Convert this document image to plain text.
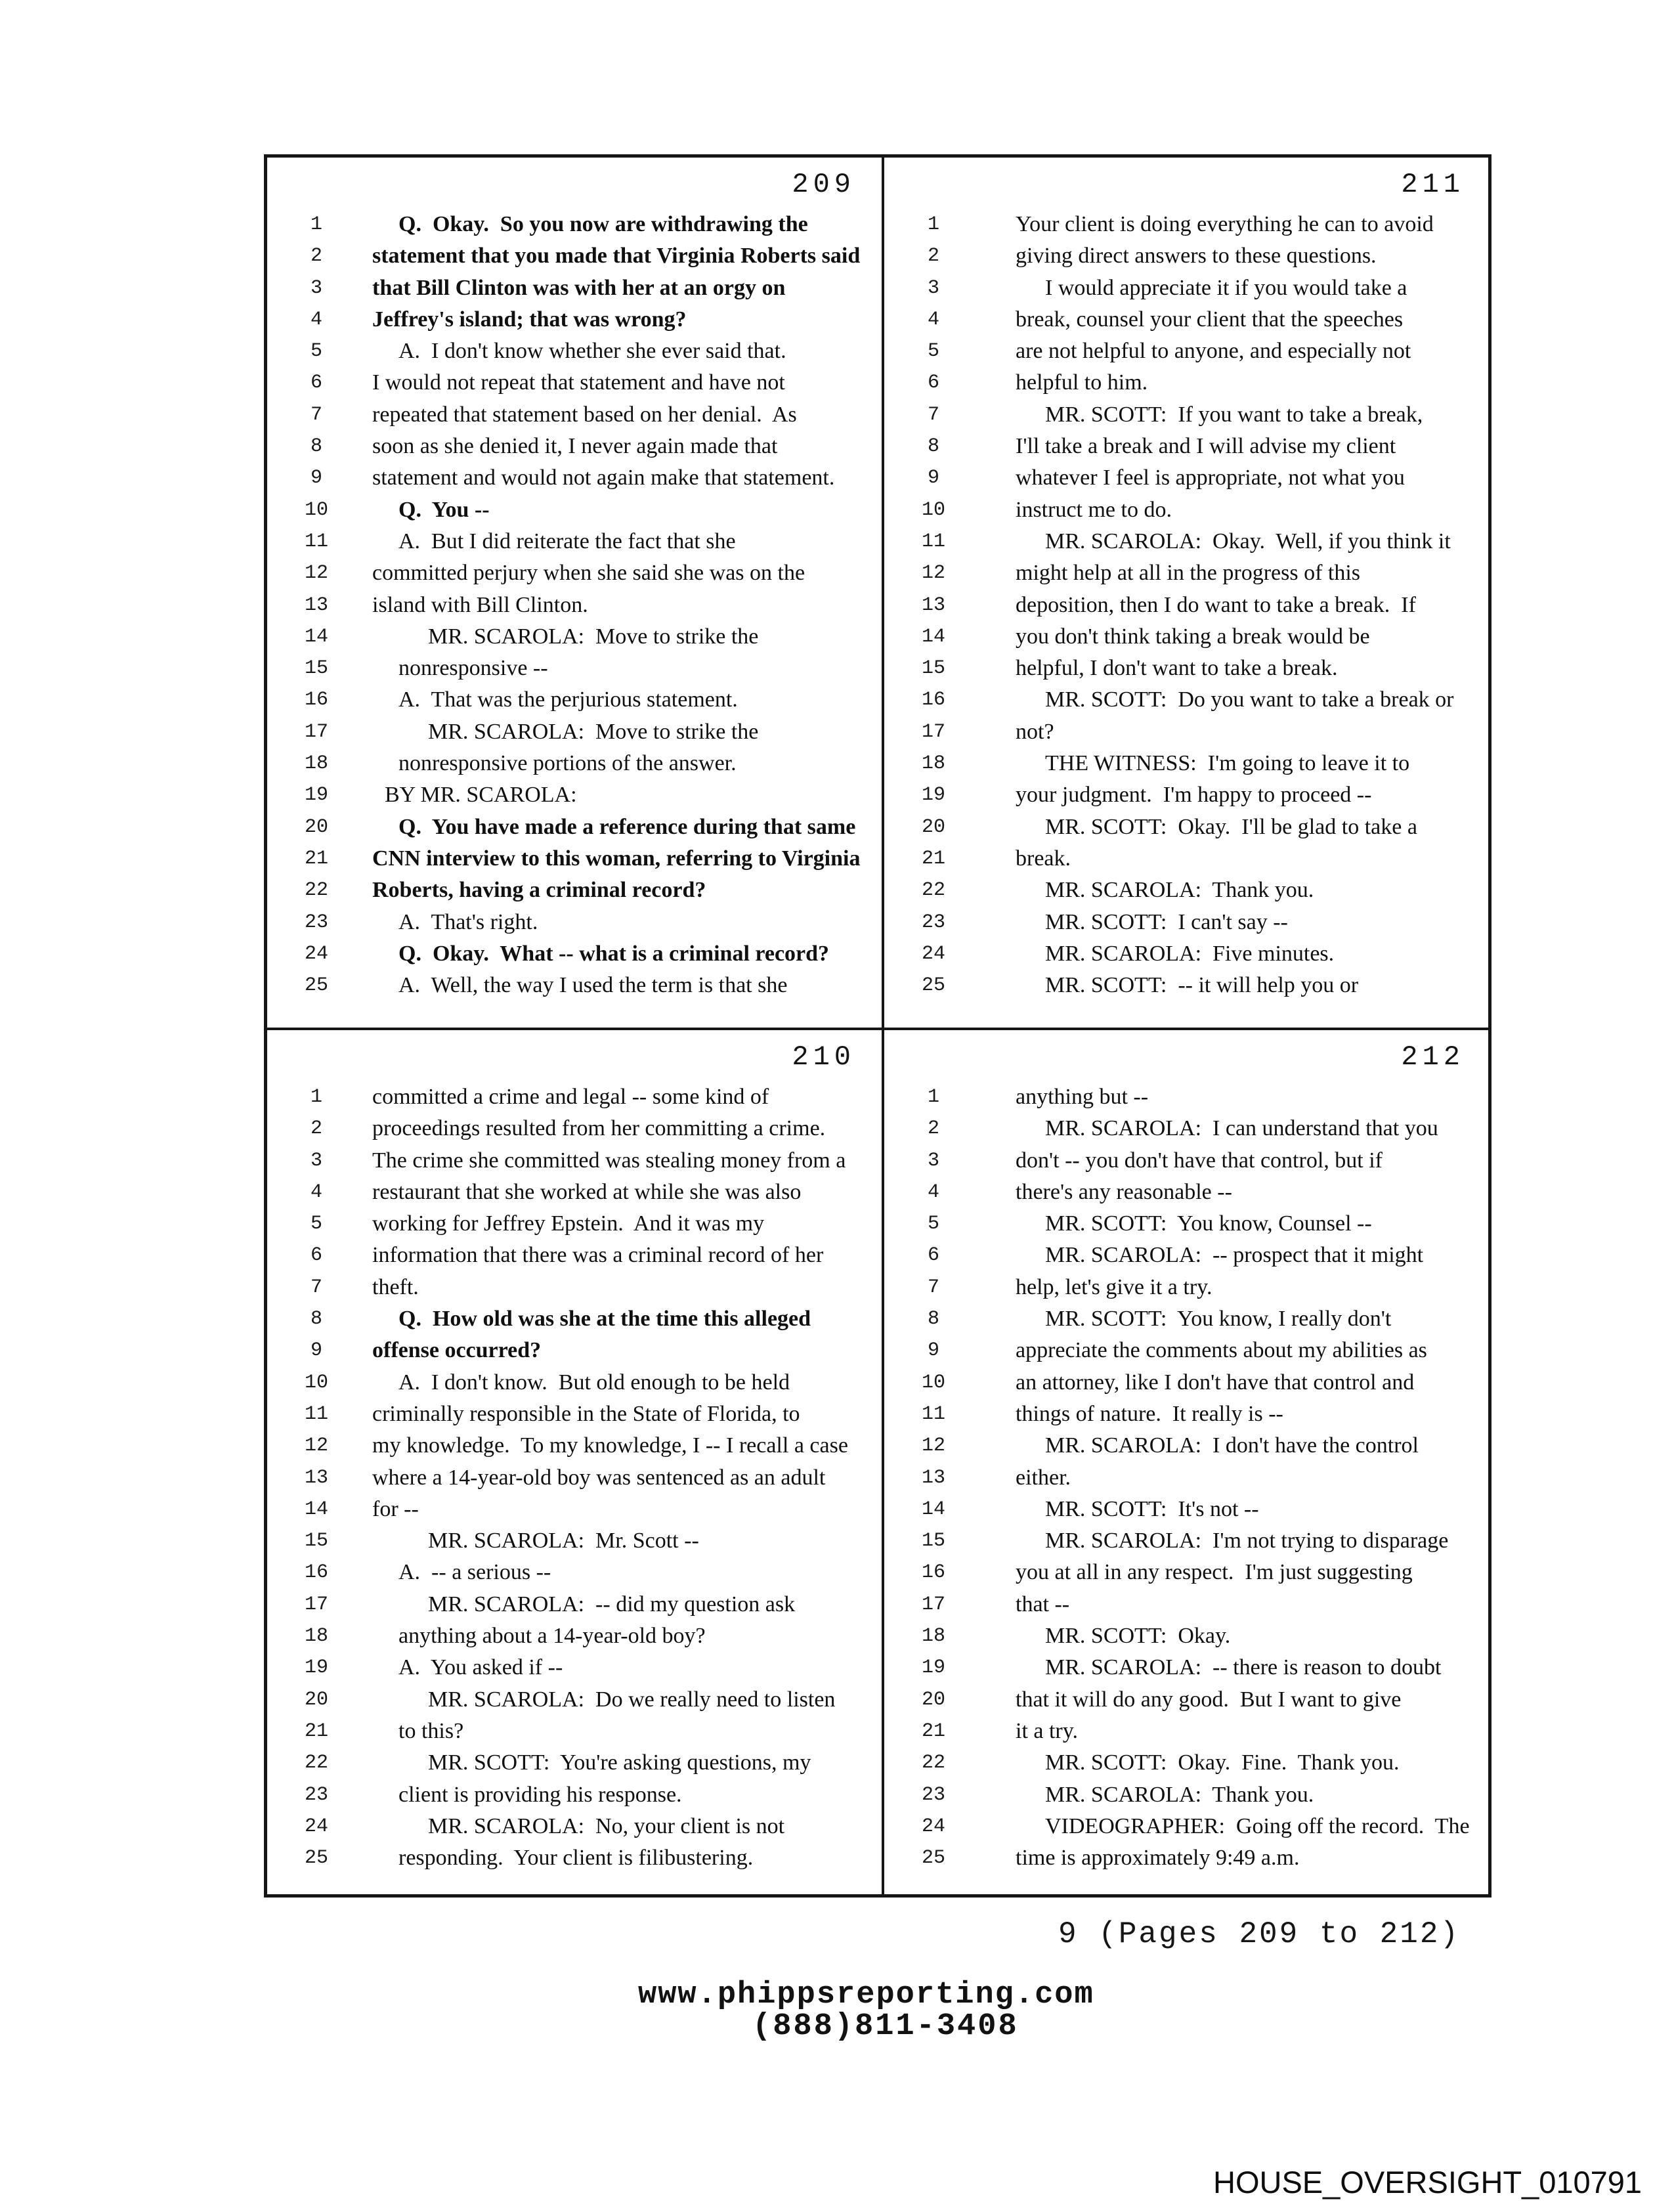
209
1	Q.  Okay.  So you now are withdrawing the
2	statement that you made that Virginia Roberts said
3	that Bill Clinton was with her at an orgy on
4	Jeffrey's island; that was wrong?
5	A.  I don't know whether she ever said that.
6	I would not repeat that statement and have not
7	repeated that statement based on her denial.  As
8	soon as she denied it, I never again made that
9	statement and would not again make that statement.
10	Q.  You --
11	A.  But I did reiterate the fact that she
12 committed perjury when she said she was on the
13 island with Bill Clinton.
14	MR. SCAROLA:  Move to strike the
15	nonresponsive --
16	A.  That was the perjurious statement.
17	MR. SCAROLA:  Move to strike the
18	nonresponsive portions of the answer.
19	BY MR. SCAROLA:
20	Q.  You have made a reference during that same
21 CNN interview to this woman, referring to Virginia
22 Roberts, having a criminal record?
23	A.  That's right.
24	Q.  Okay.  What -- what is a criminal record?
25	A.  Well, the way I used the term is that she
211
1	Your client is doing everything he can to avoid
2	giving direct answers to these questions.
3	I would appreciate it if you would take a
4	break, counsel your client that the speeches
5	are not helpful to anyone, and especially not
6	helpful to him.
7	MR. SCOTT:  If you want to take a break,
8	I'll take a break and I will advise my client
9	whatever I feel is appropriate, not what you
10	instruct me to do.
11	MR. SCAROLA:  Okay.  Well, if you think it
12	might help at all in the progress of this
13	deposition, then I do want to take a break.  If
14	you don't think taking a break would be
15	helpful, I don't want to take a break.
16	MR. SCOTT:  Do you want to take a break or
17	not?
18	THE WITNESS:  I'm going to leave it to
19	your judgment.  I'm happy to proceed --
20	MR. SCOTT:  Okay.  I'll be glad to take a
21	break.
22	MR. SCAROLA:  Thank you.
23	MR. SCOTT:  I can't say --
24	MR. SCAROLA:  Five minutes.
25	MR. SCOTT:  -- it will help you or
210
1	committed a crime and legal -- some kind of
2	proceedings resulted from her committing a crime.
3	The crime she committed was stealing money from a
4	restaurant that she worked at while she was also
5	working for Jeffrey Epstein.  And it was my
6	information that there was a criminal record of her
7	theft.
8	Q.  How old was she at the time this alleged
9	offense occurred?
10	A.  I don't know.  But old enough to be held
11 criminally responsible in the State of Florida, to
12 my knowledge.  To my knowledge, I -- I recall a case
13 where a 14-year-old boy was sentenced as an adult
14 for --
15	MR. SCAROLA:  Mr. Scott --
16	A.  -- a serious --
17	MR. SCAROLA:  -- did my question ask
18	anything about a 14-year-old boy?
19	A.  You asked if --
20	MR. SCAROLA:  Do we really need to listen
21	to this?
22	MR. SCOTT:  You're asking questions, my
23	client is providing his response.
24	MR. SCAROLA:  No, your client is not
25	responding.  Your client is filibustering.
212
1	anything but --
2	MR. SCAROLA:  I can understand that you
3	don't -- you don't have that control, but if
4	there's any reasonable --
5	MR. SCOTT:  You know, Counsel --
6	MR. SCAROLA:  -- prospect that it might
7	help, let's give it a try.
8	MR. SCOTT:  You know, I really don't
9	appreciate the comments about my abilities as
10	an attorney, like I don't have that control and
11	things of nature.  It really is --
12	MR. SCAROLA:  I don't have the control
13	either.
14	MR. SCOTT:  It's not --
15	MR. SCAROLA:  I'm not trying to disparage
16	you at all in any respect.  I'm just suggesting
17	that --
18	MR. SCOTT:  Okay.
19	MR. SCAROLA:  -- there is reason to doubt
20	that it will do any good.  But I want to give
21	it a try.
22	MR. SCOTT:  Okay.  Fine.  Thank you.
23	MR. SCAROLA:  Thank you.
24	VIDEOGRAPHER:  Going off the record.  The
25	time is approximately 9:49 a.m.
9 (Pages 209 to 212)
www.phippsreporting.com
(888)811-3408
HOUSE_OVERSIGHT_010791
